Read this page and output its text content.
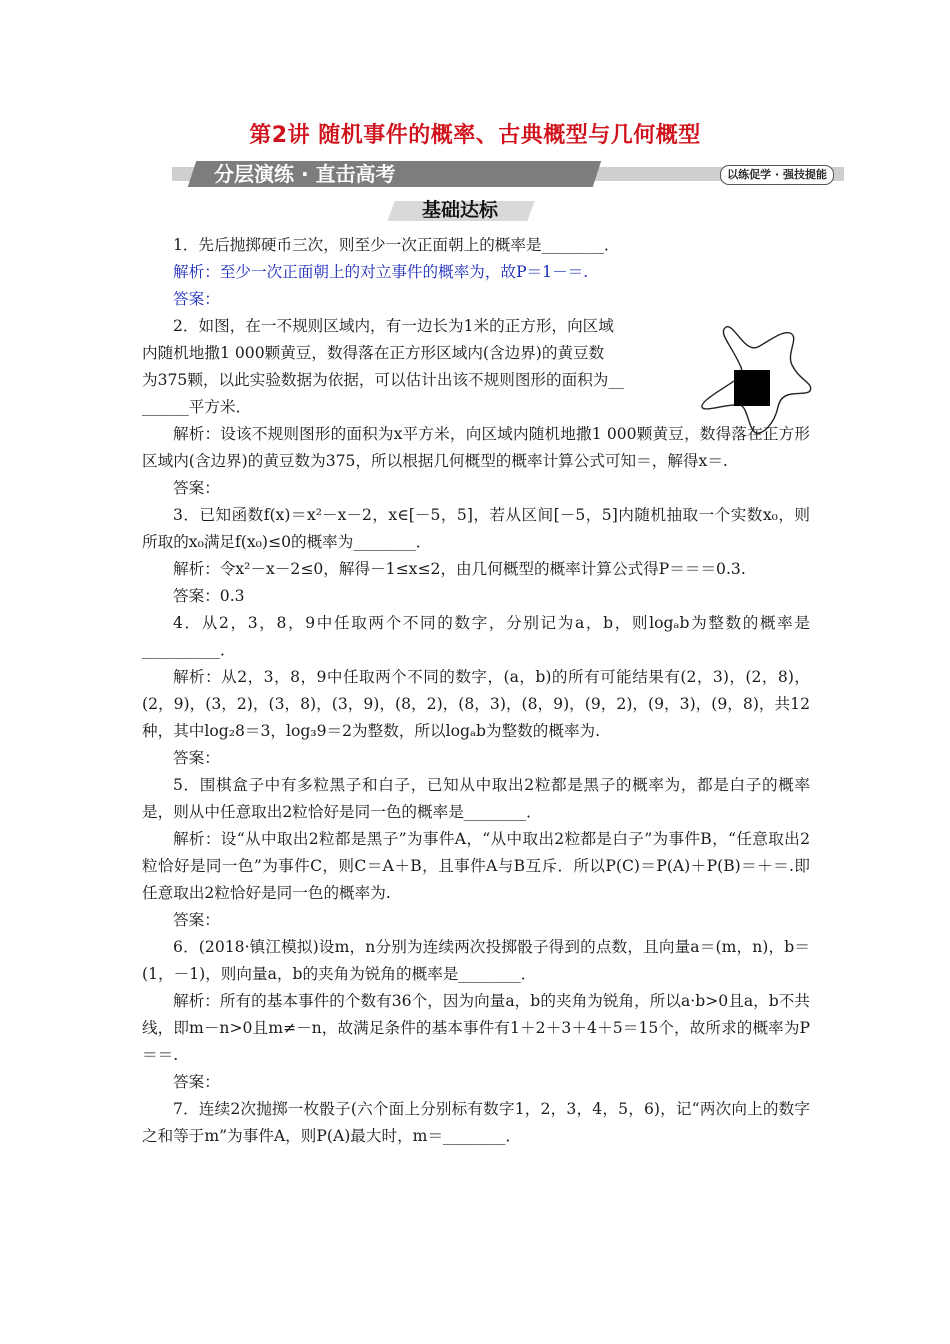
第2讲 随机事件的概率、古典概型与几何概型
分层演练 · 直击高考	以练促学 · 强技提能
基础达标

1．先后抛掷硬币三次，则至少一次正面朝上的概率是________．

解析：至少一次正面朝上的对立事件的概率为，故P＝1－＝.

答案：

2．如图，在一不规则区域内，有一边长为1米的正方形，向区域

内随机地撒1 000颗黄豆，数得落在正方形区域内(含边界)的黄豆数

为375颗，以此实验数据为依据，可以估计出该不规则图形的面积为__

______平方米．

解析：设该不规则图形的面积为x平方米，向区域内随机地撒1 000颗黄豆，数得落在正方形区域内(含边界)的黄豆数为375，所以根据几何概型的概率计算公式可知＝，解得x＝.

答案：

3．已知函数f(x)＝x²－x－2，x∈[－5，5]，若从区间[－5，5]内随机抽取一个实数x₀，则所取的x₀满足f(x₀)≤0的概率为________．

解析：令x²－x－2≤0，解得－1≤x≤2，由几何概型的概率计算公式得P＝＝＝0.3.

答案：0.3

4．从2，3，8，9中任取两个不同的数字，分别记为a，b，则logₐb为整数的概率是__________．

解析：从2，3，8，9中任取两个不同的数字，(a，b)的所有可能结果有(2，3)，(2，8)，(2，9)，(3，2)，(3，8)，(3，9)，(8，2)，(8，3)，(8，9)，(9，2)，(9，3)，(9，8)，共12种，其中log₂8＝3，log₃9＝2为整数，所以logₐb为整数的概率为.

答案：

5．围棋盒子中有多粒黑子和白子，已知从中取出2粒都是黑子的概率为，都是白子的概率是，则从中任意取出2粒恰好是同一色的概率是________．

解析：设“从中取出2粒都是黑子”为事件A，“从中取出2粒都是白子”为事件B，“任意取出2粒恰好是同一色”为事件C，则C＝A＋B，且事件A与B互斥．所以P(C)＝P(A)＋P(B)＝＋＝.即任意取出2粒恰好是同一色的概率为.

答案：

6．(2018·镇江模拟)设m，n分别为连续两次投掷骰子得到的点数，且向量a＝(m，n)，b＝(1，－1)，则向量a，b的夹角为锐角的概率是________．

解析：所有的基本事件的个数有36个，因为向量a，b的夹角为锐角，所以a·b>0且a，b不共线，即m－n>0且m≠－n，故满足条件的基本事件有1＋2＋3＋4＋5＝15个，故所求的概率为P＝＝.

答案：

7．连续2次抛掷一枚骰子(六个面上分别标有数字1，2，3，4，5，6)，记“两次向上的数字之和等于m”为事件A，则P(A)最大时，m＝________．
